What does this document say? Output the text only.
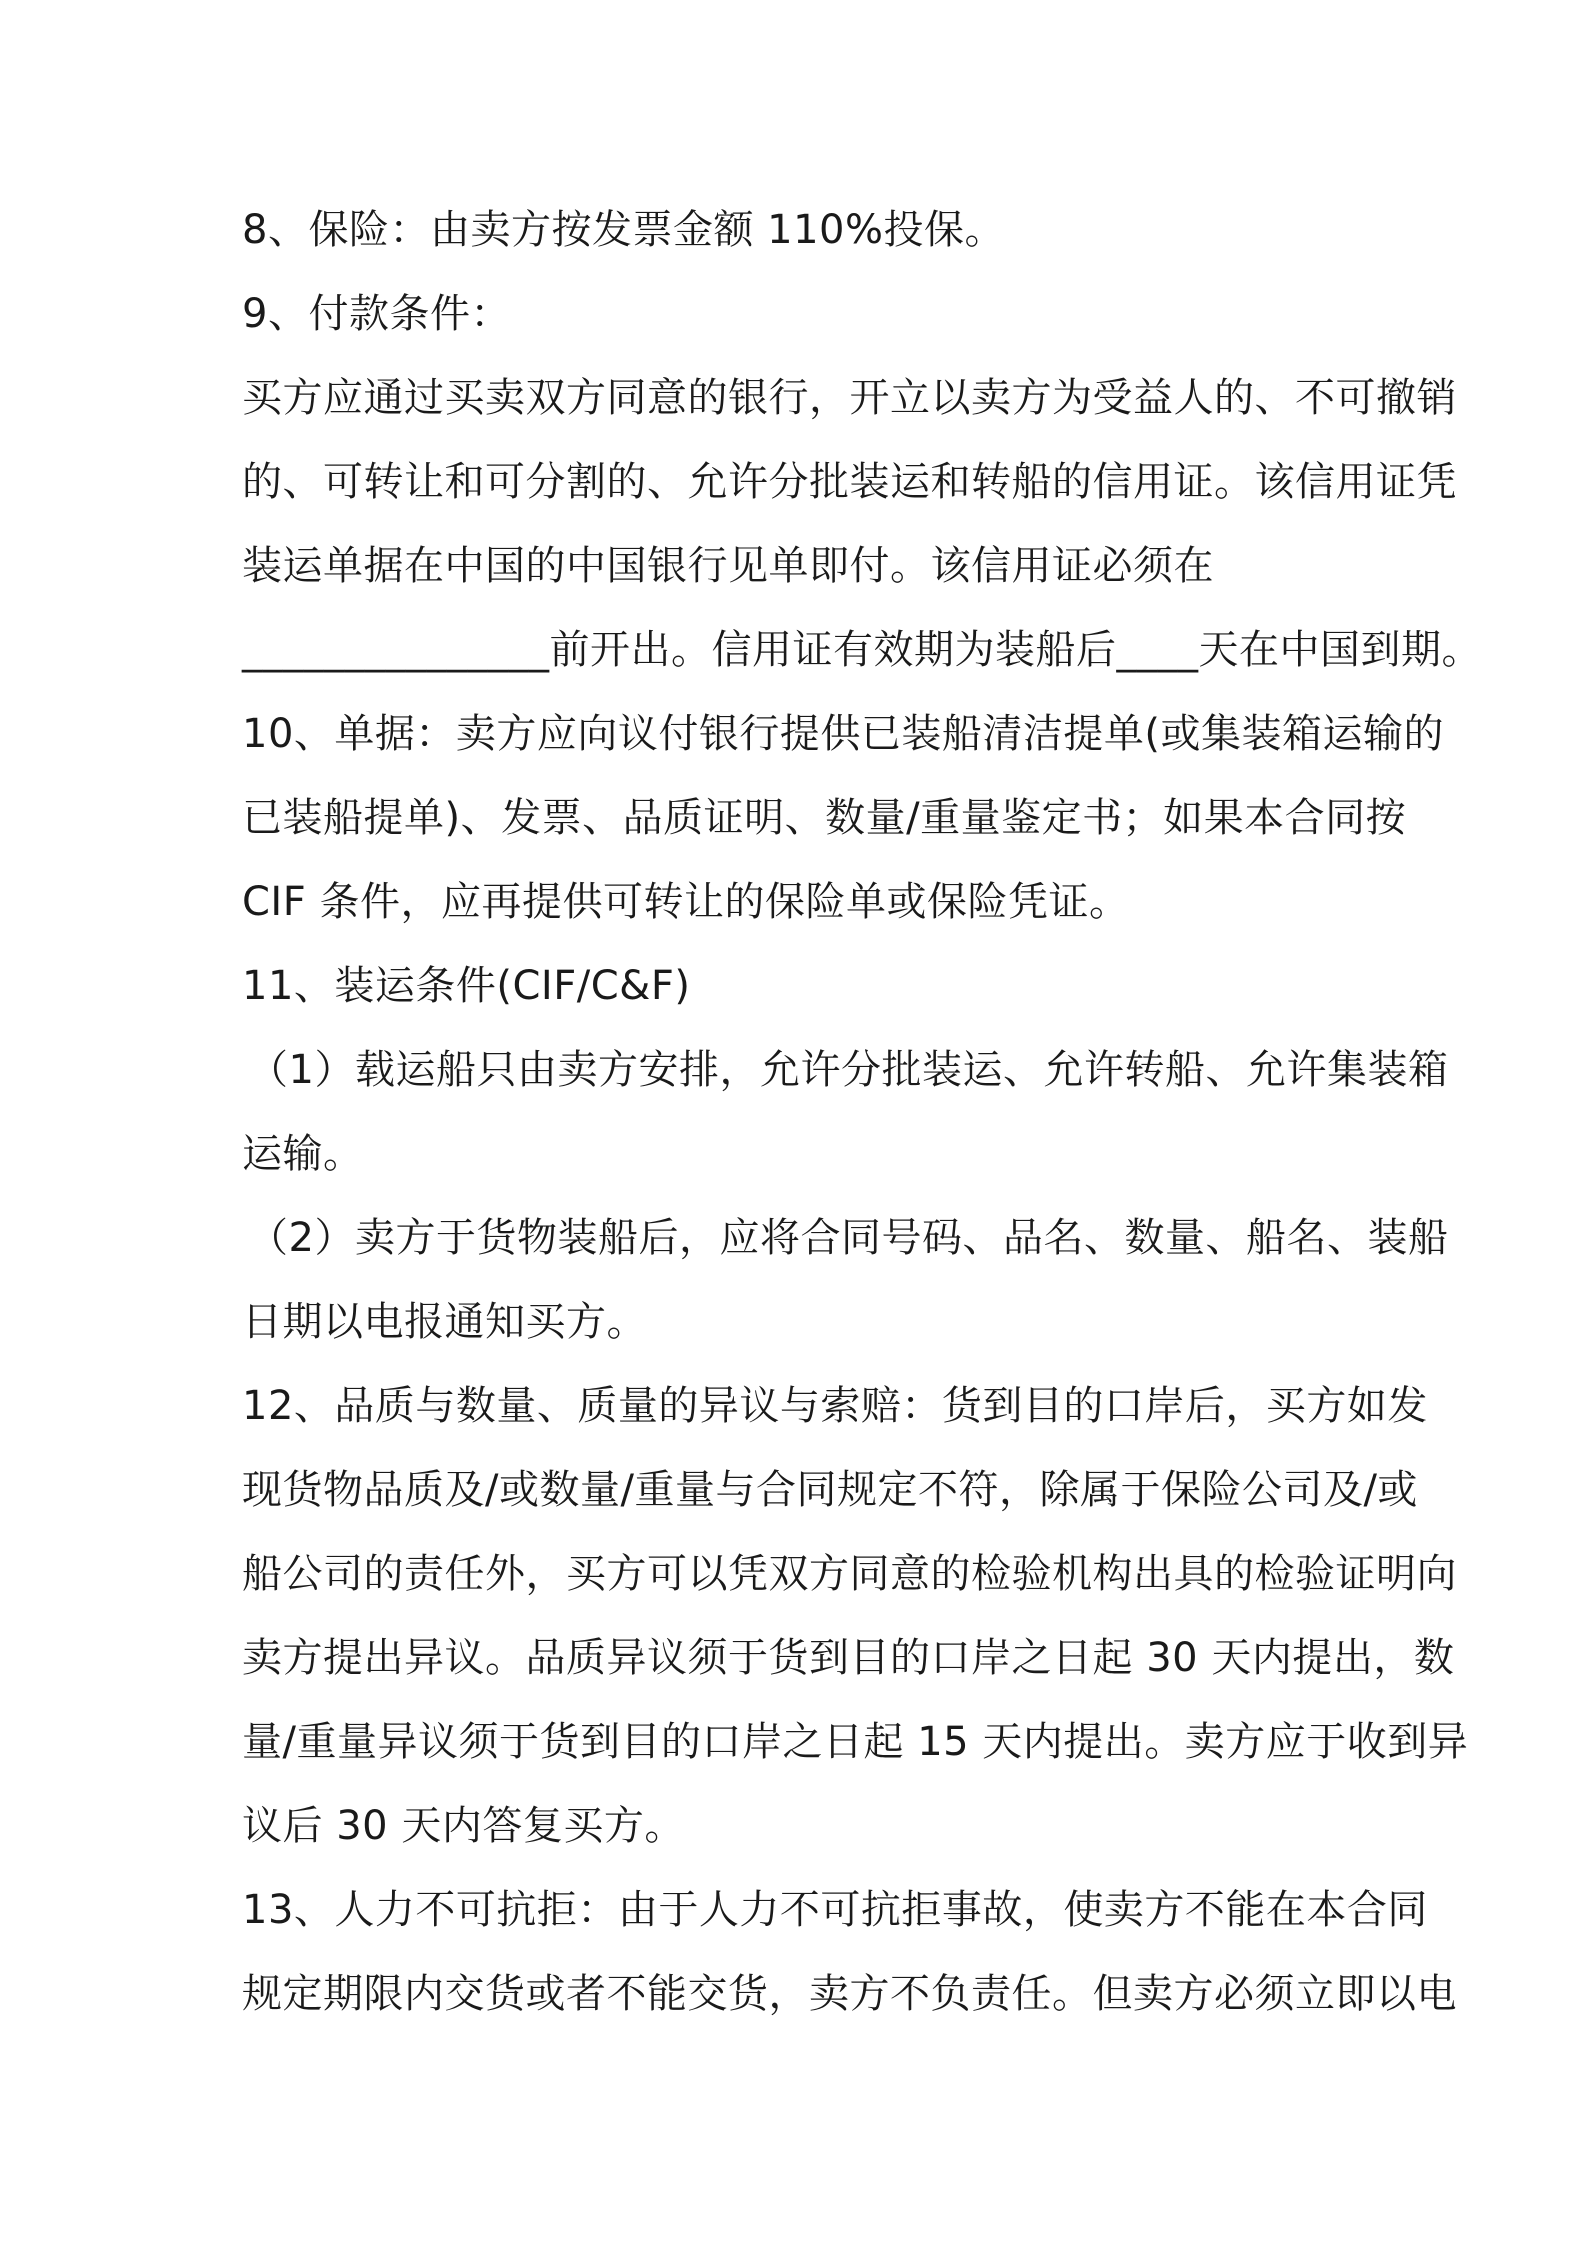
8、保险：由卖方按发票金额 110%投保。
9、付款条件：
买方应通过买卖双方同意的银行，开立以卖方为受益人的、不可撤销
的、可转让和可分割的、允许分批装运和转船的信用证。该信用证凭
装运单据在中国的中国银行见单即付。该信用证必须在
_______________前开出。信用证有效期为装船后____天在中国到期。
10、单据：卖方应向议付银行提供已装船清洁提单(或集装箱运输的
已装船提单)、发票、品质证明、数量/重量鉴定书；如果本合同按
CIF 条件，应再提供可转让的保险单或保险凭证。
11、装运条件(CIF/C&F)
（1）载运船只由卖方安排，允许分批装运、允许转船、允许集装箱
运输。
（2）卖方于货物装船后，应将合同号码、品名、数量、船名、装船
日期以电报通知买方。
12、品质与数量、质量的异议与索赔：货到目的口岸后，买方如发
现货物品质及/或数量/重量与合同规定不符，除属于保险公司及/或
船公司的责任外，买方可以凭双方同意的检验机构出具的检验证明向
卖方提出异议。品质异议须于货到目的口岸之日起 30 天内提出，数
量/重量异议须于货到目的口岸之日起 15 天内提出。卖方应于收到异
议后 30 天内答复买方。
13、人力不可抗拒：由于人力不可抗拒事故，使卖方不能在本合同
规定期限内交货或者不能交货，卖方不负责任。但卖方必须立即以电
